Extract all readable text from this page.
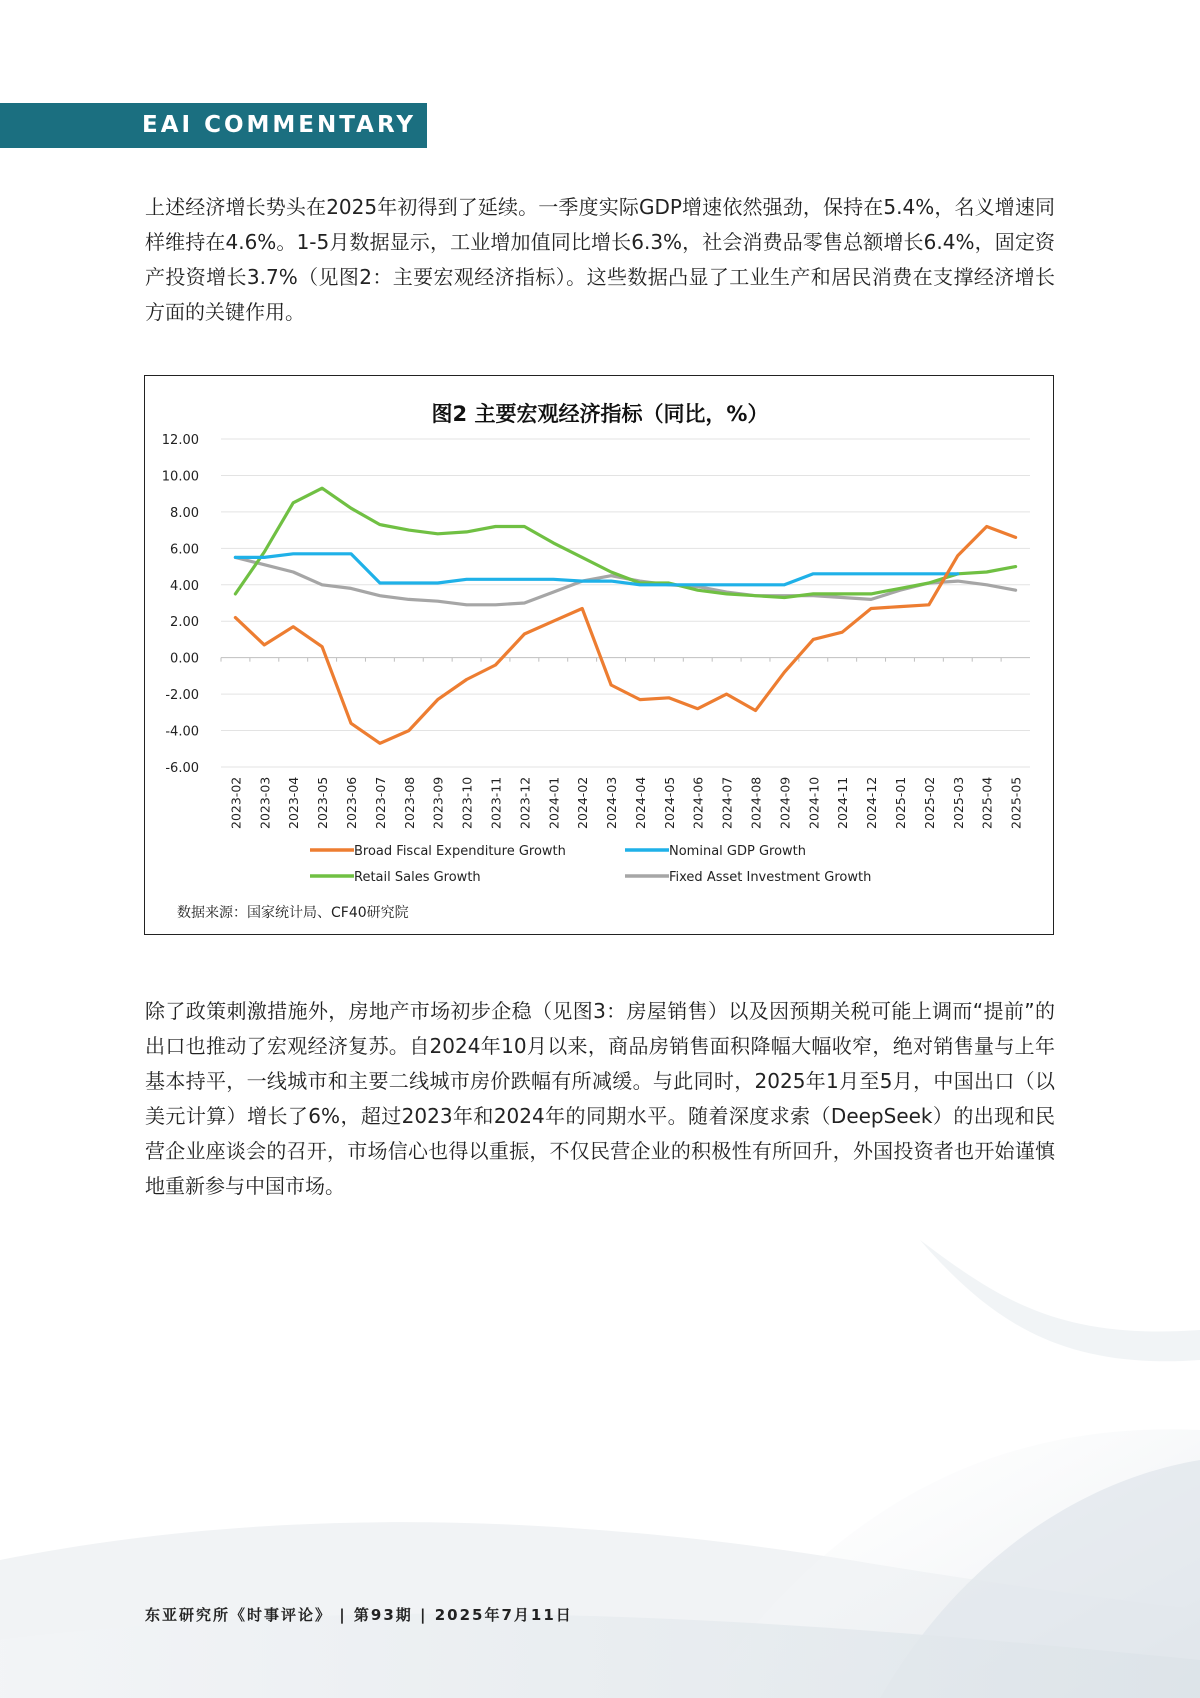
EAI COMMENTARY

上述经济增长势头在2025年初得到了延续。一季度实际GDP增速依然强劲，保持在5.4%，名义增速同样维持在4.6%。1-5月数据显示，工业增加值同比增长6.3%，社会消费品零售总额增长6.4%，固定资产投资增长3.7%（见图2：主要宏观经济指标）。这些数据凸显了工业生产和居民消费在支撑经济增长方面的关键作用。

图2 主要宏观经济指标（同比，%）
12.00
10.00
8.00
6.00
4.00
2.00
0.00
-2.00
-4.00
-6.00
2023-02 2023-03 2023-04 2023-05 2023-06 2023-07 2023-08 2023-09 2023-10 2023-11 2023-12 2024-01 2024-02 2024-03 2024-04 2024-05 2024-06 2024-07 2024-08 2024-09 2024-10 2024-11 2024-12 2025-01 2025-02 2025-03 2025-04 2025-05
Broad Fiscal Expenditure Growth	Nominal GDP Growth
Retail Sales Growth	Fixed Asset Investment Growth
数据来源：国家统计局、CF40研究院

除了政策刺激措施外，房地产市场初步企稳（见图3：房屋销售）以及因预期关税可能上调而“提前”的出口也推动了宏观经济复苏。自2024年10月以来，商品房销售面积降幅大幅收窄，绝对销售量与上年基本持平，一线城市和主要二线城市房价跌幅有所减缓。与此同时，2025年1月至5月，中国出口（以美元计算）增长了6%，超过2023年和2024年的同期水平。随着深度求索（DeepSeek）的出现和民营企业座谈会的召开，市场信心也得以重振，不仅民营企业的积极性有所回升，外国投资者也开始谨慎地重新参与中国市场。

东亚研究所《时事评论》 | 第93期 | 2025年7月11日
